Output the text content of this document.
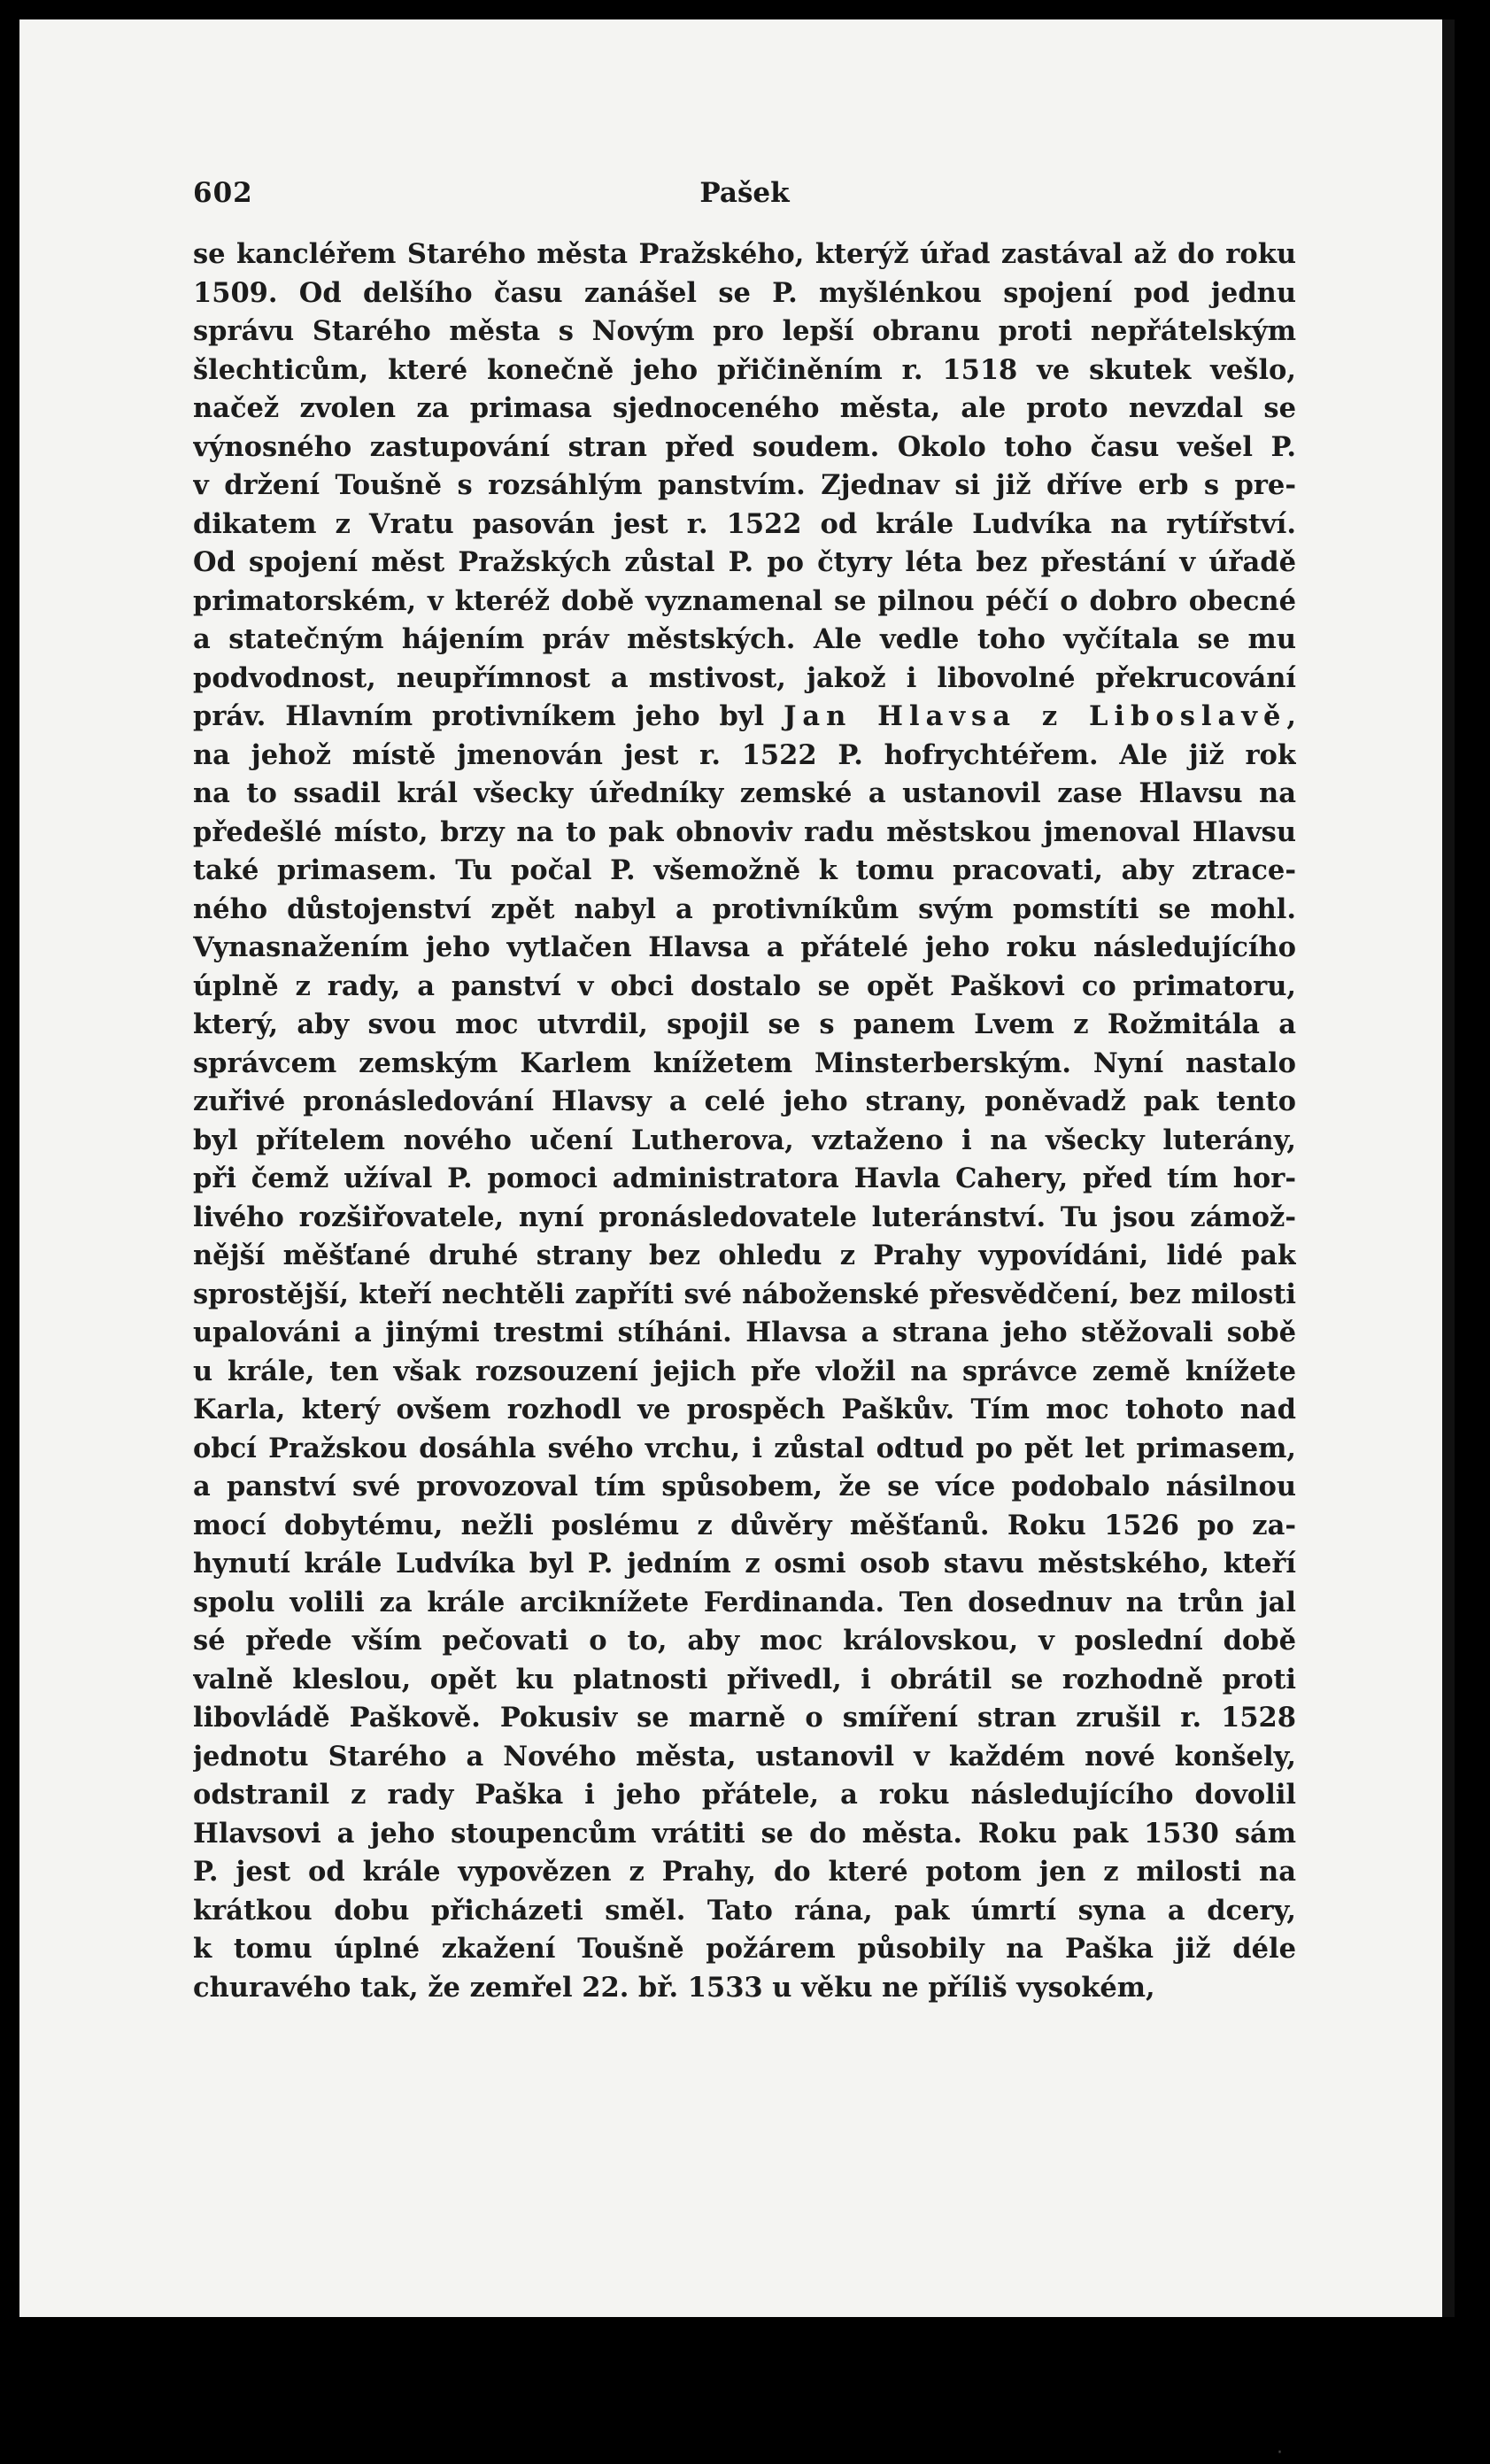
602	Pašek
se kancléřem Starého města Pražského, kterýž úřad zastával až do roku
1509. Od delšího času zanášel se P. myšlénkou spojení pod jednu
správu Starého města s Novým pro lepší obranu proti nepřátelským
šlechticům, které konečně jeho přičiněním r. 1518 ve skutek vešlo,
načež zvolen za primasa sjednoceného města, ale proto nevzdal se
výnosného zastupování stran před soudem. Okolo toho času vešel P.
v držení Toušně s rozsáhlým panstvím. Zjednav si již dříve erb s pre-
dikatem z Vratu pasován jest r. 1522 od krále Ludvíka na rytířství.
Od spojení měst Pražských zůstal P. po čtyry léta bez přestání v úřadě
primatorském, v kteréž době vyznamenal se pilnou péčí o dobro obecné
a statečným hájením práv městských. Ale vedle toho vyčítala se mu
podvodnost, neupřímnost a mstivost, jakož i libovolné překrucování
práv. Hlavním protivníkem jeho byl Jan Hlavsa z Liboslavě,
na jehož místě jmenován jest r. 1522 P. hofrychtéřem. Ale již rok
na to ssadil král všecky úředníky zemské a ustanovil zase Hlavsu na
předešlé místo, brzy na to pak obnoviv radu městskou jmenoval Hlavsu
také primasem. Tu počal P. všemožně k tomu pracovati, aby ztrace-
ného důstojenství zpět nabyl a protivníkům svým pomstíti se mohl.
Vynasnažením jeho vytlačen Hlavsa a přátelé jeho roku následujícího
úplně z rady, a panství v obci dostalo se opět Paškovi co primatoru,
který, aby svou moc utvrdil, spojil se s panem Lvem z Rožmitála a
správcem zemským Karlem knížetem Minsterberským. Nyní nastalo
zuřivé pronásledování Hlavsy a celé jeho strany, poněvadž pak tento
byl přítelem nového učení Lutherova, vztaženo i na všecky luterány,
při čemž užíval P. pomoci administratora Havla Cahery, před tím hor-
livého rozšiřovatele, nyní pronásledovatele luteránství. Tu jsou zámož-
nější měšťané druhé strany bez ohledu z Prahy vypovídáni, lidé pak
sprostější, kteří nechtěli zapříti své náboženské přesvědčení, bez milosti
upalováni a jinými trestmi stíháni. Hlavsa a strana jeho stěžovali sobě
u krále, ten však rozsouzení jejich pře vložil na správce země knížete
Karla, který ovšem rozhodl ve prospěch Paškův. Tím moc tohoto nad
obcí Pražskou dosáhla svého vrchu, i zůstal odtud po pět let primasem,
a panství své provozoval tím spůsobem, že se více podobalo násilnou
mocí dobytému, nežli poslému z důvěry měšťanů. Roku 1526 po za-
hynutí krále Ludvíka byl P. jedním z osmi osob stavu městského, kteří
spolu volili za krále arciknížete Ferdinanda. Ten dosednuv na trůn jal
sé předе vším pečovati o to, aby moc královskou, v poslední době
valně kleslou, opět ku platnosti přivedl, i obrátil se rozhodně proti
libovládě Paškově. Pokusiv se marně o smíření stran zrušil r. 1528
jednotu Starého a Nového města, ustanovil v každém nové konšely,
odstranil z rady Paška i jeho přátele, a roku následujícího dovolil
Hlavsovi a jeho stoupencům vrátiti se do města. Roku pak 1530 sám
P. jest od krále vypovězen z Prahy, do které potom jen z milosti na
krátkou dobu přicházeti směl. Tato rána, pak úmrtí syna a dcery,
k tomu úplné zkažení Toušně požárem působily na Paška již déle
churavého tak, že zemřel 22. bř. 1533 u věku ne příliš vysokém,
·
